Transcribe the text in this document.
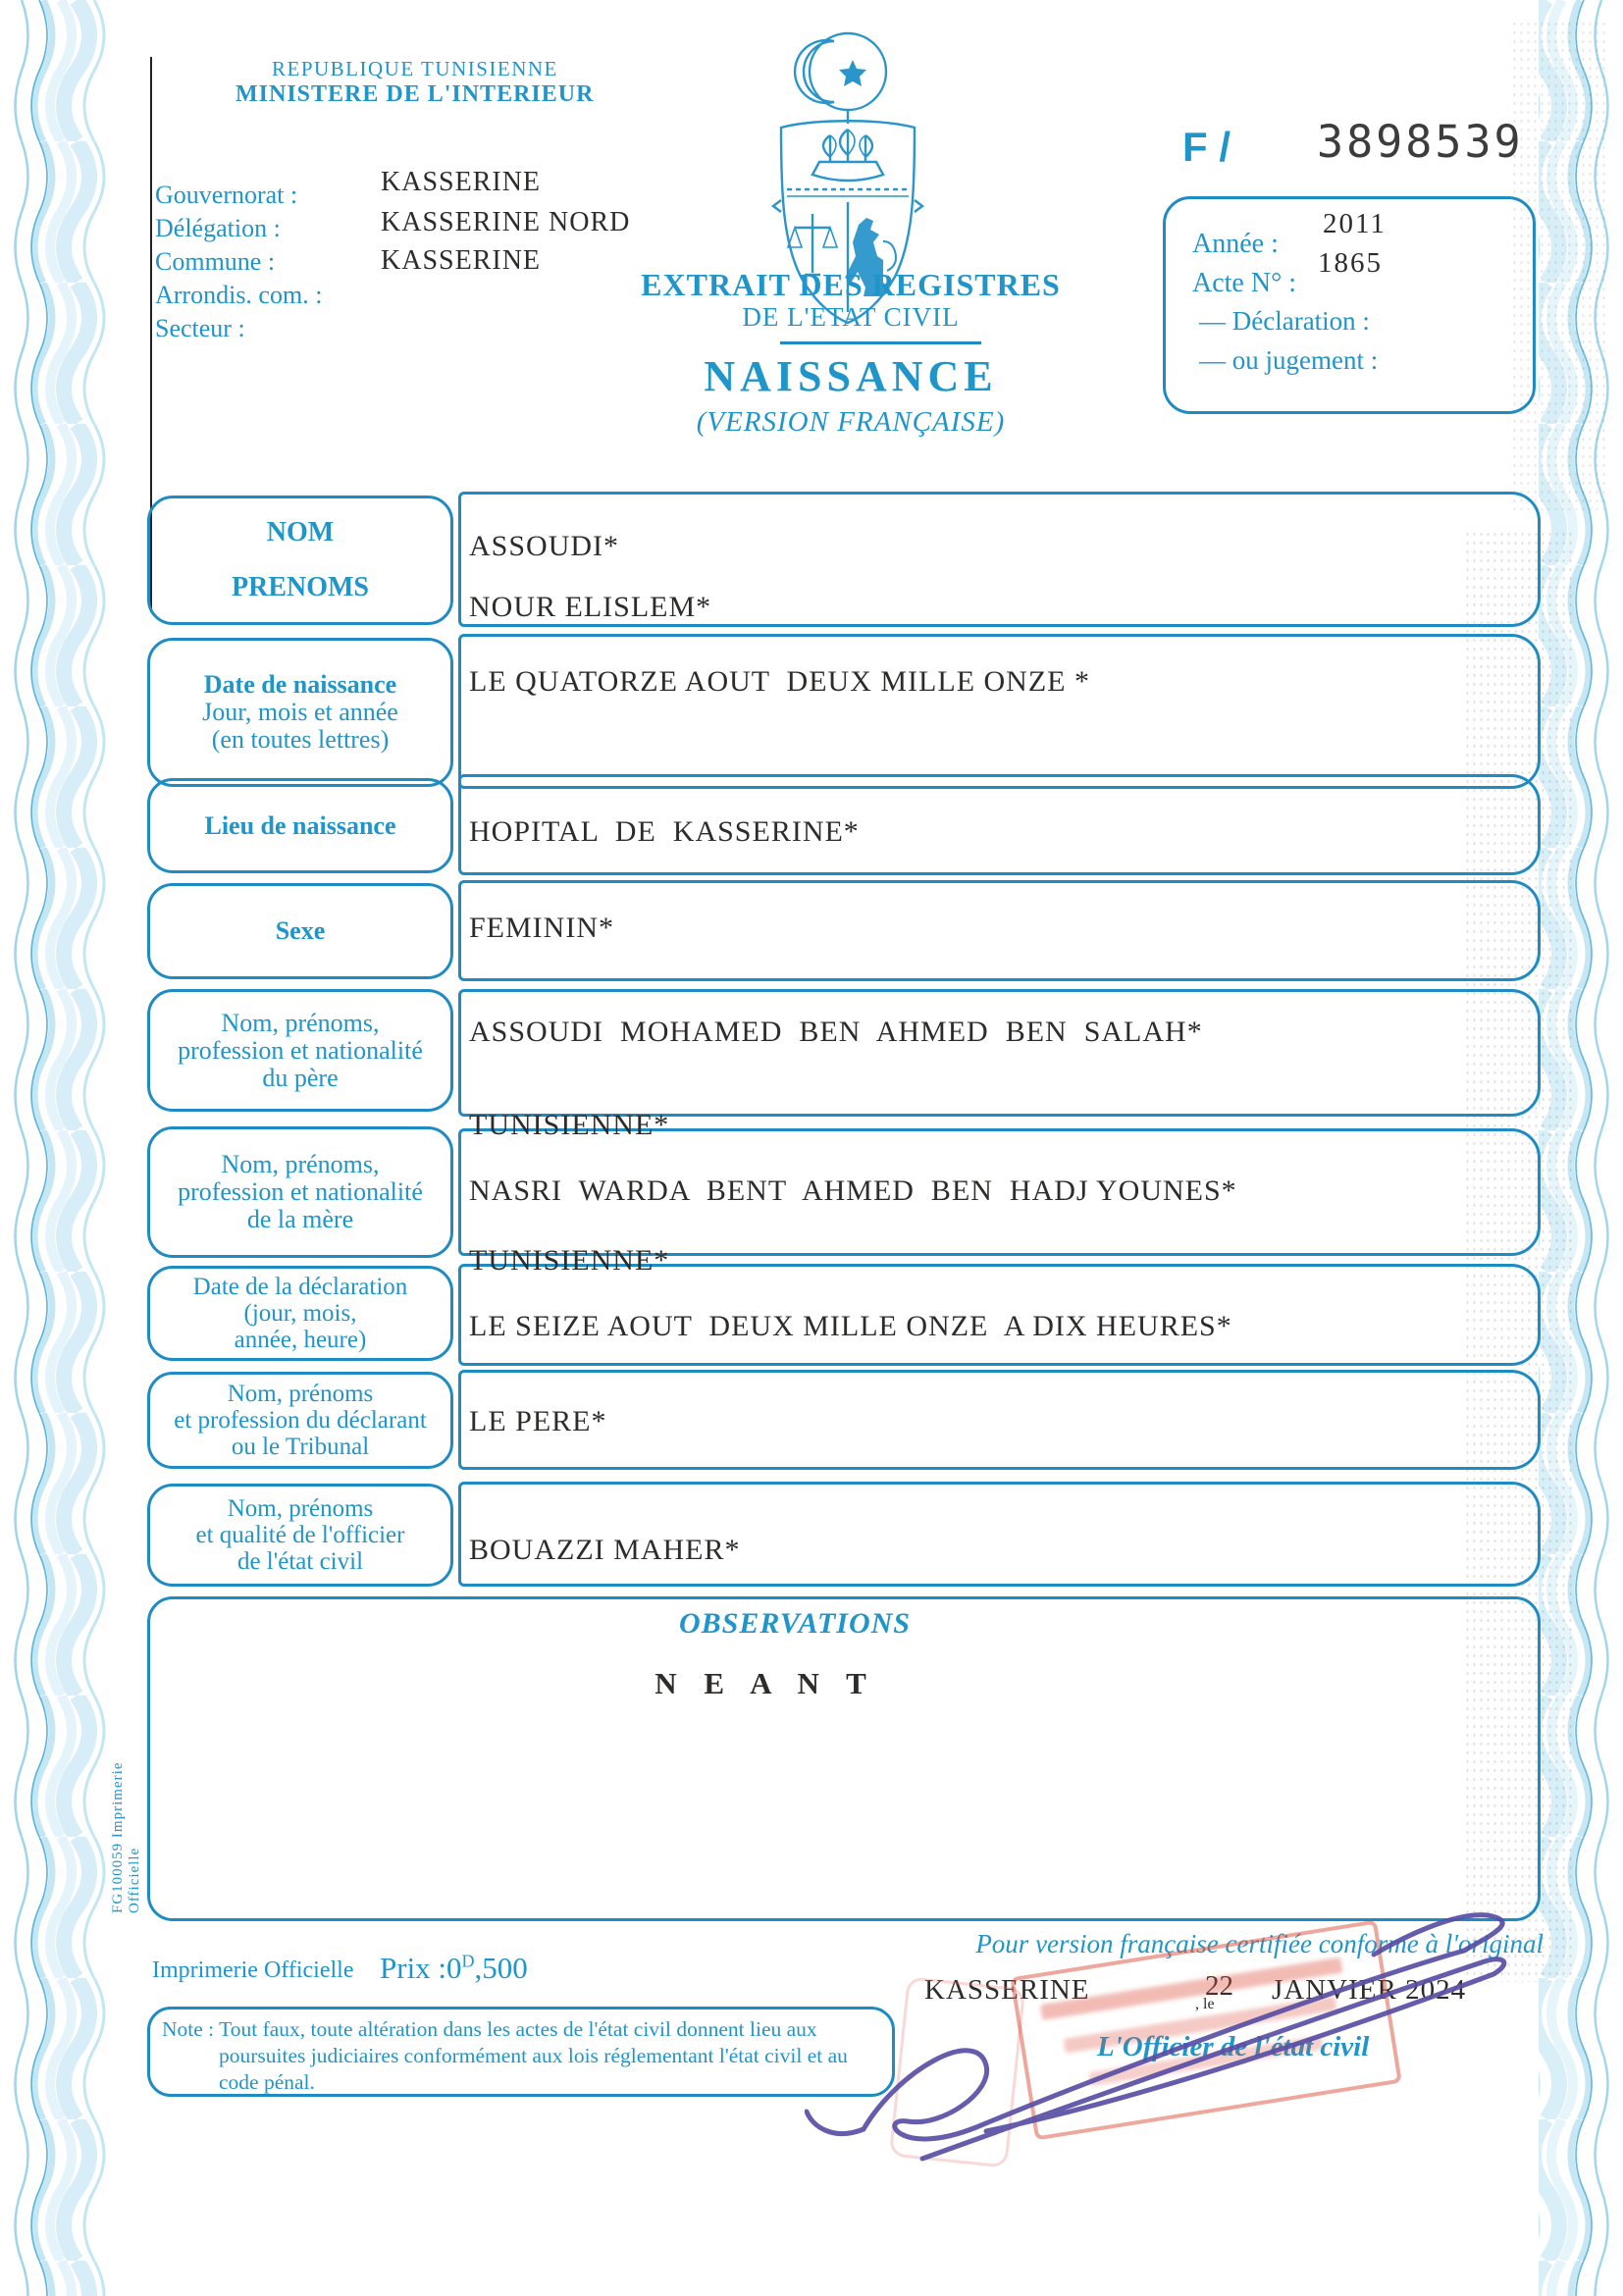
REPUBLIQUE TUNISIENNE
MINISTERE DE L'INTERIEUR
Gouvernorat :
Délégation :
Commune :
Arrondis. com. :
Secteur :
KASSERINE
KASSERINE NORD
KASSERINE
EXTRAIT DES REGISTRES
DE L'ETAT CIVIL
NAISSANCE
(VERSION FRANÇAISE)
F / 3898539
Année :
2011
Acte N° :
1865
— Déclaration :
— ou jugement :
NOM
PRENOMS
Date de naissance
Jour, mois et année
(en toutes lettres)
Lieu de naissance
Sexe
Nom, prénoms,
profession et nationalité
du père
Nom, prénoms,
profession et nationalité
de la mère
Date de la déclaration
(jour, mois,
année, heure)
Nom, prénoms
et profession du déclarant
ou le Tribunal
Nom, prénoms
et qualité de l'officier
de l'état civil
ASSOUDI*
NOUR ELISLEM*
LE QUATORZE AOUT  DEUX MILLE ONZE *
HOPITAL  DE  KASSERINE*
FEMININ*
ASSOUDI  MOHAMED  BEN  AHMED  BEN  SALAH*
TUNISIENNE*
NASRI  WARDA  BENT  AHMED  BEN  HADJ YOUNES*
TUNISIENNE*
LE SEIZE AOUT  DEUX MILLE ONZE  A DIX HEURES*
LE PERE*
BOUAZZI MAHER*
OBSERVATIONS
N E A N T
FG100059 Imprimerie Officielle
Imprimerie Officielle Prix $:0^D,500$
Note : Tout faux, toute altération dans les actes de l'état civil donnent lieu aux
poursuites judiciaires conformément aux lois réglementant l'état civil et au
code pénal.
Pour version française certifiée conforme à l'original
KASSERINE	, le
22 JANVIER 2024
L'Officier de l'état civil
